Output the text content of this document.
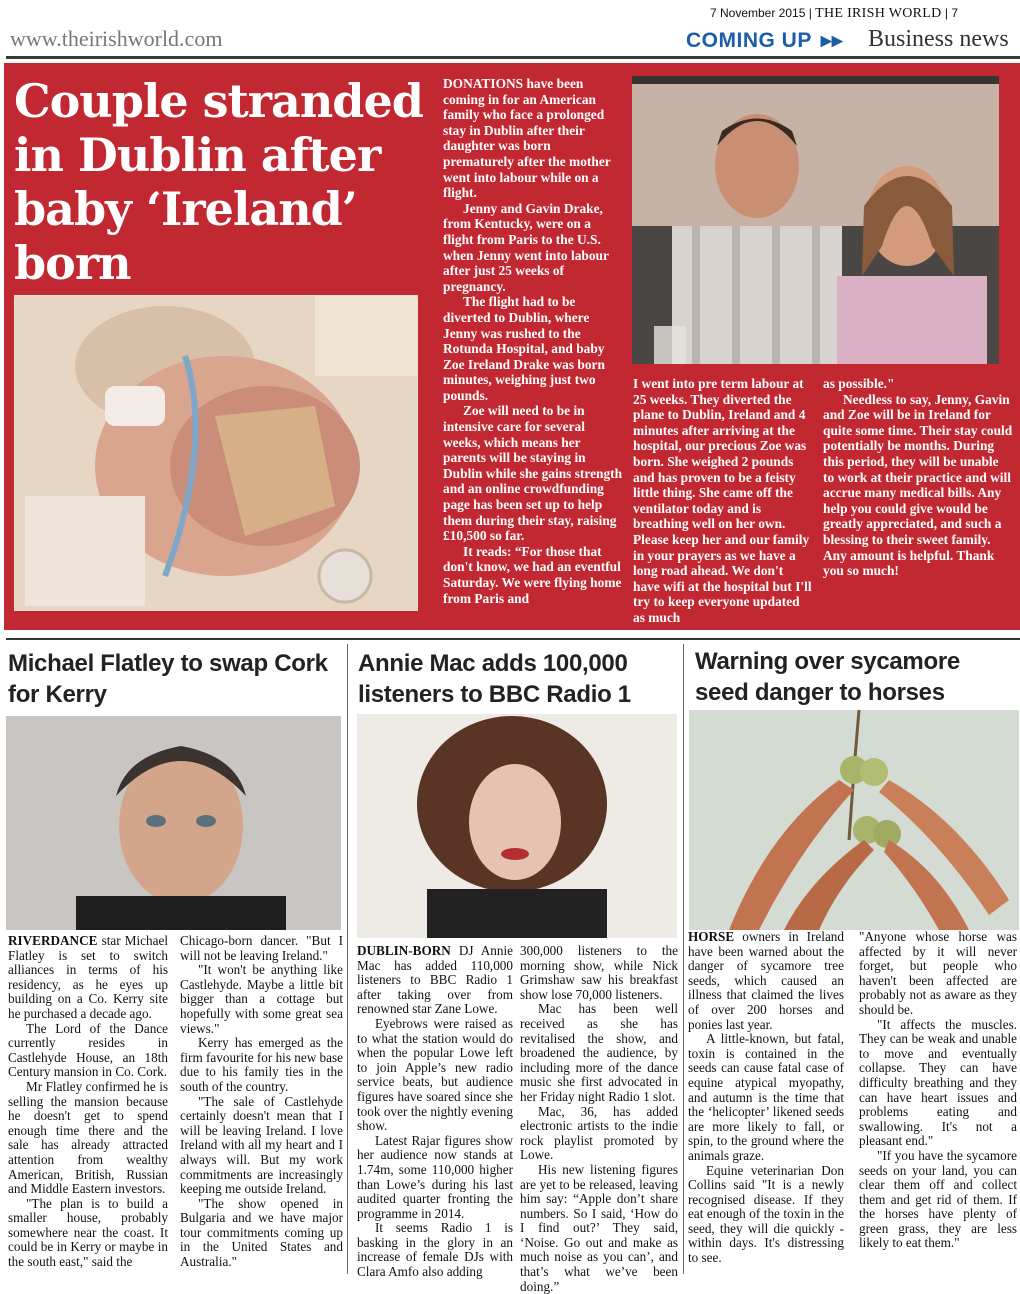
7 November 2015 | THE IRISH WORLD | 7
www.theirishworld.com	COMING UP ▸▸ Business news
Couple stranded in Dublin after baby ‘Ireland’ born

DONATIONS have been coming in for an American family who face a prolonged stay in Dublin after their daughter was born prematurely after the mother went into labour while on a flight.

Jenny and Gavin Drake, from Kentucky, were on a flight from Paris to the U.S. when Jenny went into labour after just 25 weeks of pregnancy.

The flight had to be diverted to Dublin, where Jenny was rushed to the Rotunda Hospital, and baby Zoe Ireland Drake was born minutes, weighing just two pounds.

Zoe will need to be in intensive care for several weeks, which means her parents will be staying in Dublin while she gains strength and an online crowdfunding page has been set up to help them during their stay, raising £10,500 so far.

It reads: “For those that don't know, we had an eventful Saturday. We were flying home from Paris and

I went into pre term labour at 25 weeks. They diverted the plane to Dublin, Ireland and 4 minutes after arriving at the hospital, our precious Zoe was born. She weighed 2 pounds and has proven to be a feisty little thing. She came off the ventilator today and is breathing well on her own. Please keep her and our family in your prayers as we have a long road ahead. We don't have wifi at the hospital but I'll try to keep everyone updated as much

as possible."

Needless to say, Jenny, Gavin and Zoe will be in Ireland for quite some time. Their stay could potentially be months. During this period, they will be unable to work at their practice and will accrue many medical bills. Any help you could give would be greatly appreciated, and such a blessing to their sweet family. Any amount is helpful. Thank you so much!

Michael Flatley to swap Cork for Kerry

RIVERDANCE star Michael Flatley is set to switch alliances in terms of his residency, as he eyes up building on a Co. Kerry site he purchased a decade ago.

The Lord of the Dance currently resides in Castlehyde House, an 18th Century mansion in Co. Cork.

Mr Flatley confirmed he is selling the mansion because he doesn't get to spend enough time there and the sale has already attracted attention from wealthy American, British, Russian and Middle Eastern investors.

"The plan is to build a smaller house, probably somewhere near the coast. It could be in Kerry or maybe in the south east," said the

Chicago-born dancer. "But I will not be leaving Ireland."

"It won't be anything like Castlehyde. Maybe a little bit bigger than a cottage but hopefully with some great sea views."

Kerry has emerged as the firm favourite for his new base due to his family ties in the south of the country.

"The sale of Castlehyde certainly doesn't mean that I will be leaving Ireland. I love Ireland with all my heart and I always will. But my work commitments are increasingly keeping me outside Ireland.

"The show opened in Bulgaria and we have major tour commitments coming up in the United States and Australia."

Annie Mac adds 100,000 listeners to BBC Radio 1

DUBLIN-BORN DJ Annie Mac has added 110,000 listeners to BBC Radio 1 after taking over from renowned star Zane Lowe.

Eyebrows were raised as to what the station would do when the popular Lowe left to join Apple’s new radio service beats, but audience figures have soared since she took over the nightly evening show.

Latest Rajar figures show her audience now stands at 1.74m, some 110,000 higher than Lowe’s during his last audited quarter fronting the programme in 2014.

It seems Radio 1 is basking in the glory in an increase of female DJs with Clara Amfo also adding

300,000 listeners to the morning show, while Nick Grimshaw saw his breakfast show lose 70,000 listeners.

Mac has been well received as she has revitalised the show, and broadened the audience, by including more of the dance music she first advocated in her Friday night Radio 1 slot.

Mac, 36, has added electronic artists to the indie rock playlist promoted by Lowe.

His new listening figures are yet to be released, leaving him say: “Apple don’t share numbers. So I said, ‘How do I find out?’ They said, ‘Noise. Go out and make as much noise as you can’, and that’s what we’ve been doing.”

Warning over sycamore seed danger to horses

HORSE owners in Ireland have been warned about the danger of sycamore tree seeds, which caused an illness that claimed the lives of over 200 horses and ponies last year.

A little-known, but fatal, toxin is contained in the seeds can cause fatal case of equine atypical myopathy, and autumn is the time that the ‘helicopter’ likened seeds are more likely to fall, or spin, to the ground where the animals graze.

Equine veterinarian Don Collins said "It is a newly recognised disease. If they eat enough of the toxin in the seed, they will die quickly - within days. It's distressing to see.

"Anyone whose horse was affected by it will never forget, but people who haven't been affected are probably not as aware as they should be.

"It affects the muscles. They can be weak and unable to move and eventually collapse. They can have difficulty breathing and they can have heart issues and problems eating and swallowing. It's not a pleasant end."

"If you have the sycamore seeds on your land, you can clear them off and collect them and get rid of them. If the horses have plenty of green grass, they are less likely to eat them."
